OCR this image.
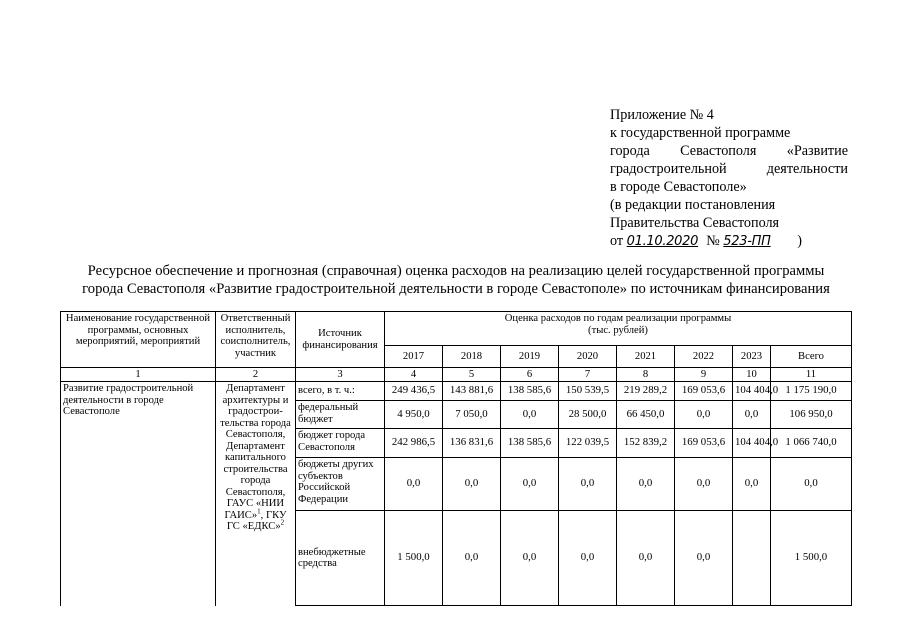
Приложение № 4
к государственной программе
города Севастополя «Развитие
градостроительной деятельности
в городе Севастополе»
(в редакции постановления
Правительства Севастополя
от 01.10.2020 № 523-ПП )
Ресурсное обеспечение и прогнозная (справочная) оценка расходов на реализацию целей государственной программы
города Севастополя «Развитие градостроительной деятельности в городе Севастополе» по источникам финансирования
Наименование государственной программы, основных мероприятий, мероприятий	Ответственный исполнитель, соисполнитель, участник	Источник финансирования	Оценка расходов по годам реализации программы
(тыс. рублей)							

			2017	2018	2019	2020	2021	2022	2023	Всего
1	2	3	4	5	6	7	8	9	10	11
Развитие градостроительной деятельности в городе Севастополе	Департамент архитектуры и градострои-тельства города Севастополя, Департамент капитального строительства города Севастополя, ГАУС «НИИ ГАИС»$^1$, ГКУ ГС «ЕДКС»$^2$	всего, в т. ч.:	249 436,5	143 881,6	138 585,6	150 539,5	219 289,2	169 053,6	104 404,0	1 175 190,0
		федеральный бюджет	4 950,0	7 050,0	0,0	28 500,0	66 450,0	0,0	0,0	106 950,0
		бюджет города Севастополя	242 986,5	136 831,6	138 585,6	122 039,5	152 839,2	169 053,6	104 404,0	1 066 740,0
		бюджеты других субъектов Российской Федерации	0,0	0,0	0,0	0,0	0,0	0,0	0,0	0,0
		внебюджетные средства	1 500,0	0,0	0,0	0,0	0,0	0,0		1 500,0
